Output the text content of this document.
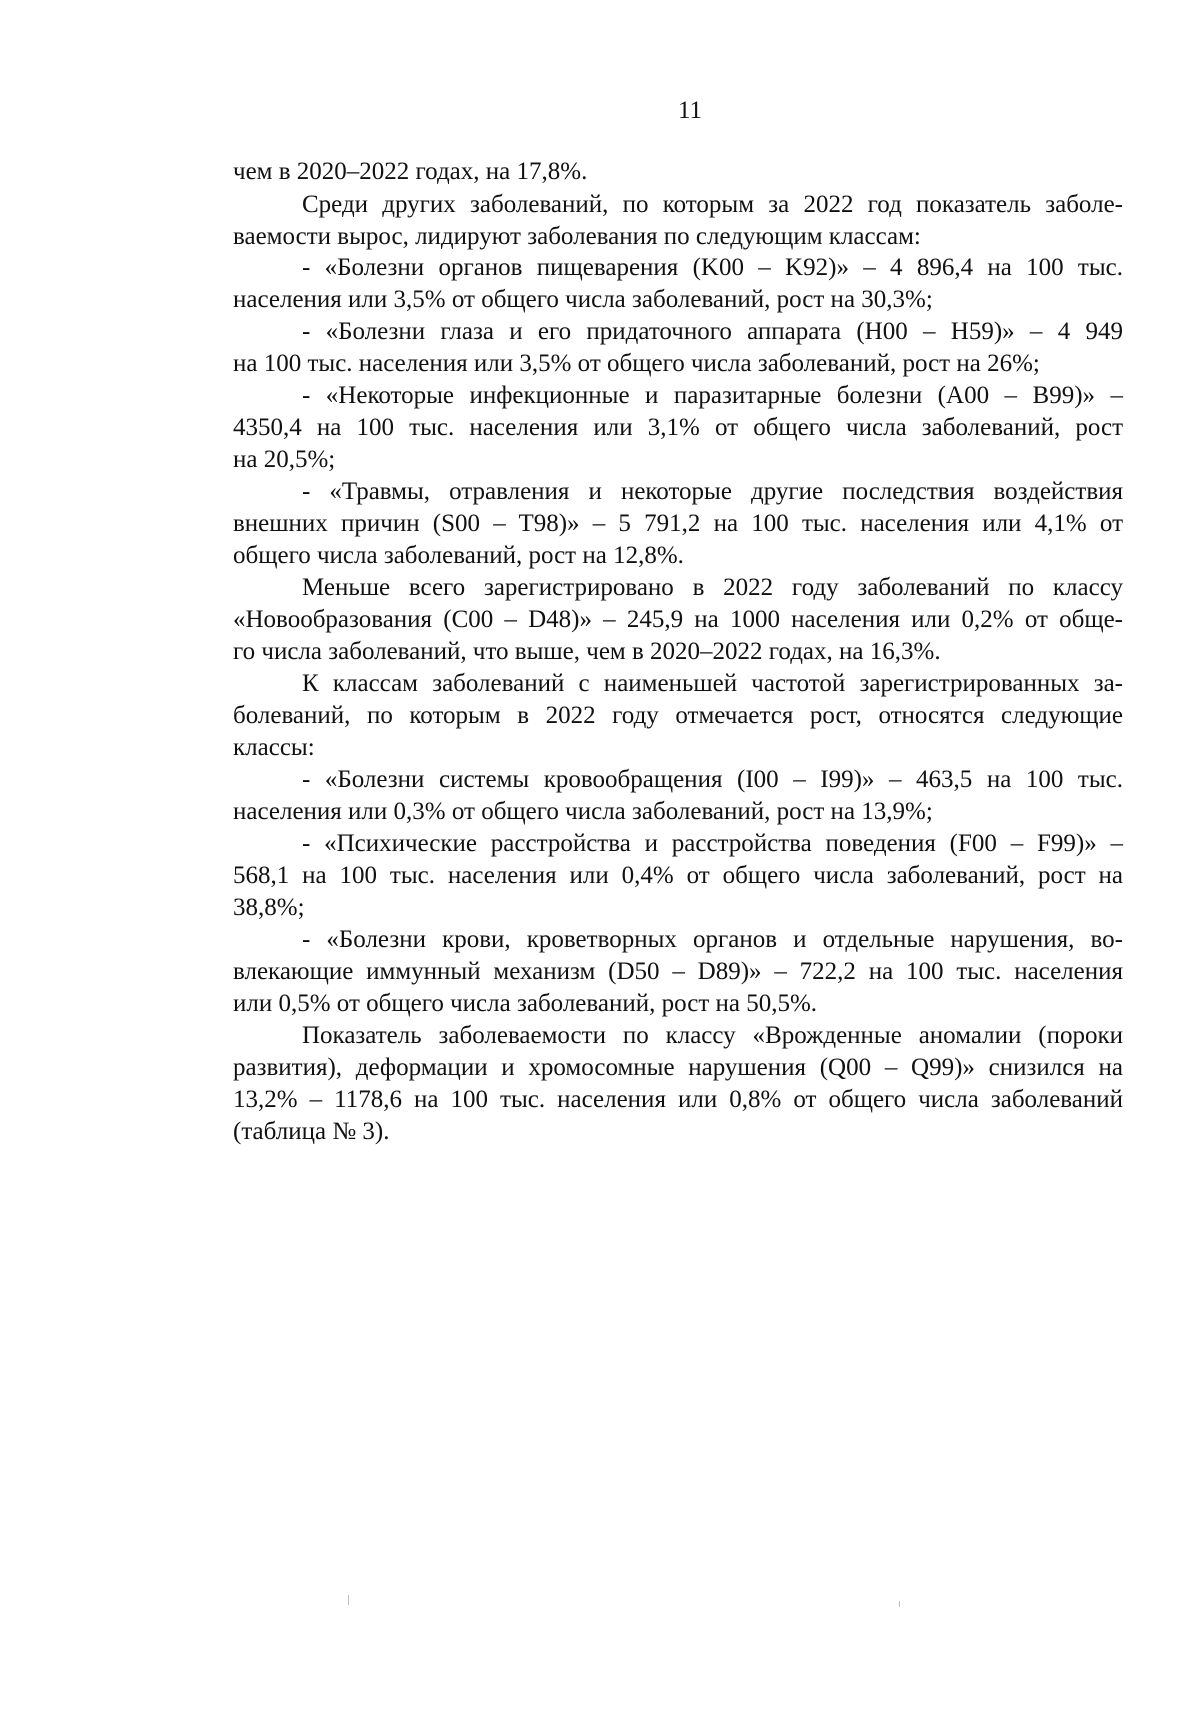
11
чем в 2020–2022 годах, на 17,8%.
Среди других заболеваний, по которым за 2022 год показатель заболе-
ваемости вырос, лидируют заболевания по следующим классам:
- «Болезни органов пищеварения (K00 – K92)» – 4 896,4 на 100 тыс.
населения или 3,5% от общего числа заболеваний, рост на 30,3%;
- «Болезни глаза и его придаточного аппарата (H00 – H59)» – 4 949
на 100 тыс. населения или 3,5% от общего числа заболеваний, рост на 26%;
- «Некоторые инфекционные и паразитарные болезни (A00 – B99)» –
4350,4 на 100 тыс. населения или 3,1% от общего числа заболеваний, рост
на 20,5%;
- «Травмы, отравления и некоторые другие последствия воздействия
внешних причин (S00 – T98)» – 5 791,2 на 100 тыс. населения или 4,1% от
общего числа заболеваний, рост на 12,8%.
Меньше всего зарегистрировано в 2022 году заболеваний по классу
«Новообразования (C00 – D48)» – 245,9 на 1000 населения или 0,2% от обще-
го числа заболеваний, что выше, чем в 2020–2022 годах, на 16,3%.
К классам заболеваний с наименьшей частотой зарегистрированных за-
болеваний, по которым в 2022 году отмечается рост, относятся следующие
классы:
- «Болезни системы кровообращения (I00 – I99)» – 463,5 на 100 тыс.
населения или 0,3% от общего числа заболеваний, рост на 13,9%;
- «Психические расстройства и расстройства поведения (F00 – F99)» –
568,1 на 100 тыс. населения или 0,4% от общего числа заболеваний, рост на
38,8%;
- «Болезни крови, кроветворных органов и отдельные нарушения, во-
влекающие иммунный механизм (D50 – D89)» – 722,2 на 100 тыс. населения
или 0,5% от общего числа заболеваний, рост на 50,5%.
Показатель заболеваемости по классу «Врожденные аномалии (пороки
развития), деформации и хромосомные нарушения (Q00 – Q99)» снизился на
13,2% – 1178,6 на 100 тыс. населения или 0,8% от общего числа заболеваний
(таблица № 3).
